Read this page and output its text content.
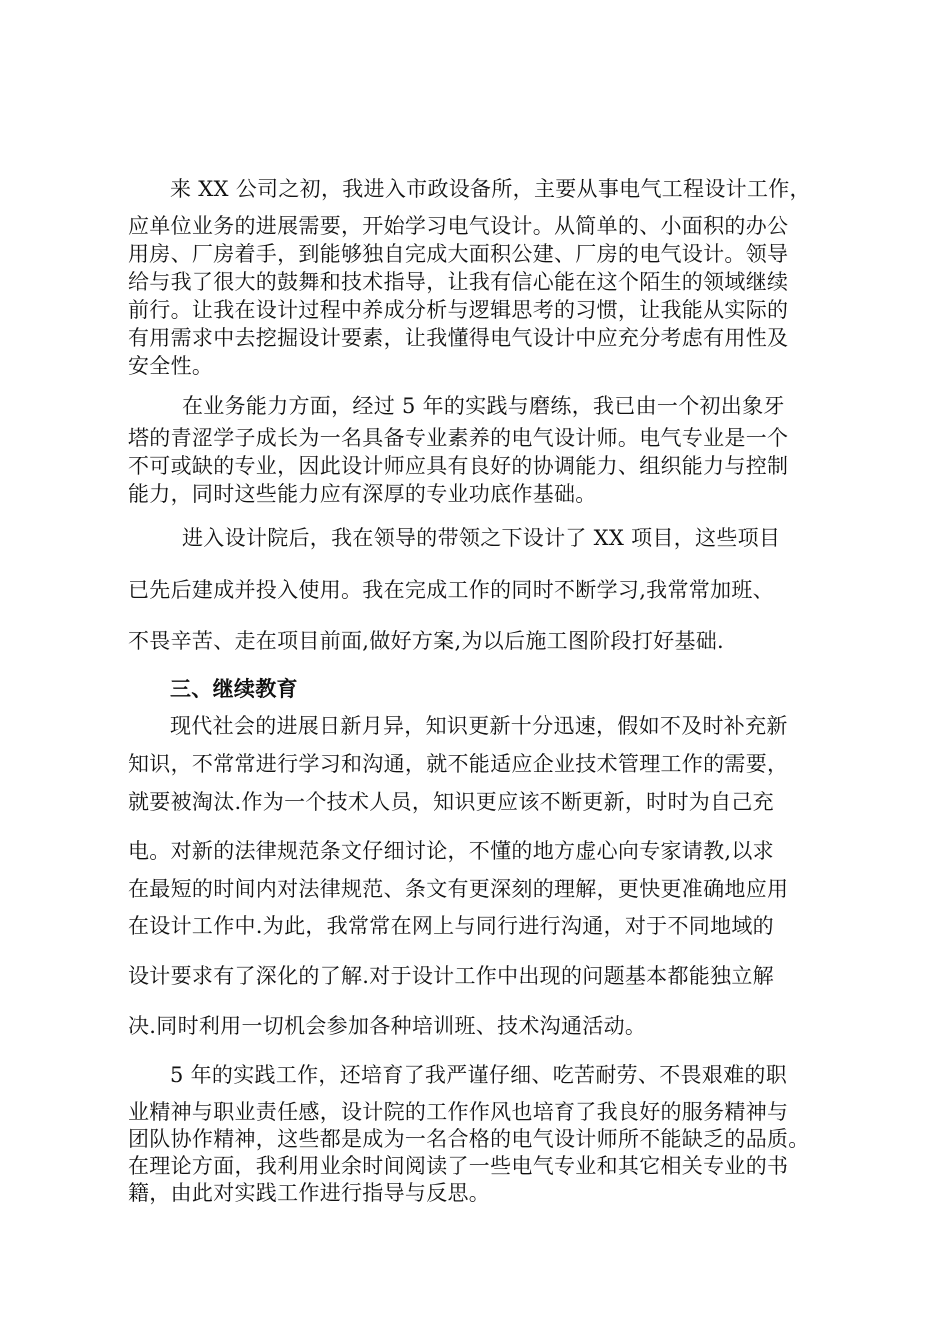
来 XX 公司之初，我进入市政设备所，主要从事电气工程设计工作，
应单位业务的进展需要，开始学习电气设计。从简单的、小面积的办公
用房、厂房着手，到能够独自完成大面积公建、厂房的电气设计。领导
给与我了很大的鼓舞和技术指导，让我有信心能在这个陌生的领域继续
前行。让我在设计过程中养成分析与逻辑思考的习惯，让我能从实际的
有用需求中去挖掘设计要素，让我懂得电气设计中应充分考虑有用性及
安全性。
在业务能力方面，经过 5 年的实践与磨练，我已由一个初出象牙
塔的青涩学子成长为一名具备专业素养的电气设计师。电气专业是一个
不可或缺的专业，因此设计师应具有良好的协调能力、组织能力与控制
能力，同时这些能力应有深厚的专业功底作基础。
进入设计院后，我在领导的带领之下设计了 XX 项目，这些项目
已先后建成并投入使用。我在完成工作的同时不断学习,我常常加班、
不畏辛苦、走在项目前面,做好方案,为以后施工图阶段打好基础.
三、继续教育
现代社会的进展日新月异，知识更新十分迅速，假如不及时补充新
知识，不常常进行学习和沟通，就不能适应企业技术管理工作的需要，
就要被淘汰.作为一个技术人员，知识更应该不断更新，时时为自己充
电。对新的法律规范条文仔细讨论，不懂的地方虚心向专家请教,以求
在最短的时间内对法律规范、条文有更深刻的理解，更快更准确地应用
在设计工作中.为此，我常常在网上与同行进行沟通，对于不同地域的
设计要求有了深化的了解.对于设计工作中出现的问题基本都能独立解
决.同时利用一切机会参加各种培训班、技术沟通活动。
5 年的实践工作，还培育了我严谨仔细、吃苦耐劳、不畏艰难的职
业精神与职业责任感，设计院的工作作风也培育了我良好的服务精神与
团队协作精神，这些都是成为一名合格的电气设计师所不能缺乏的品质。
在理论方面，我利用业余时间阅读了一些电气专业和其它相关专业的书
籍，由此对实践工作进行指导与反思。
